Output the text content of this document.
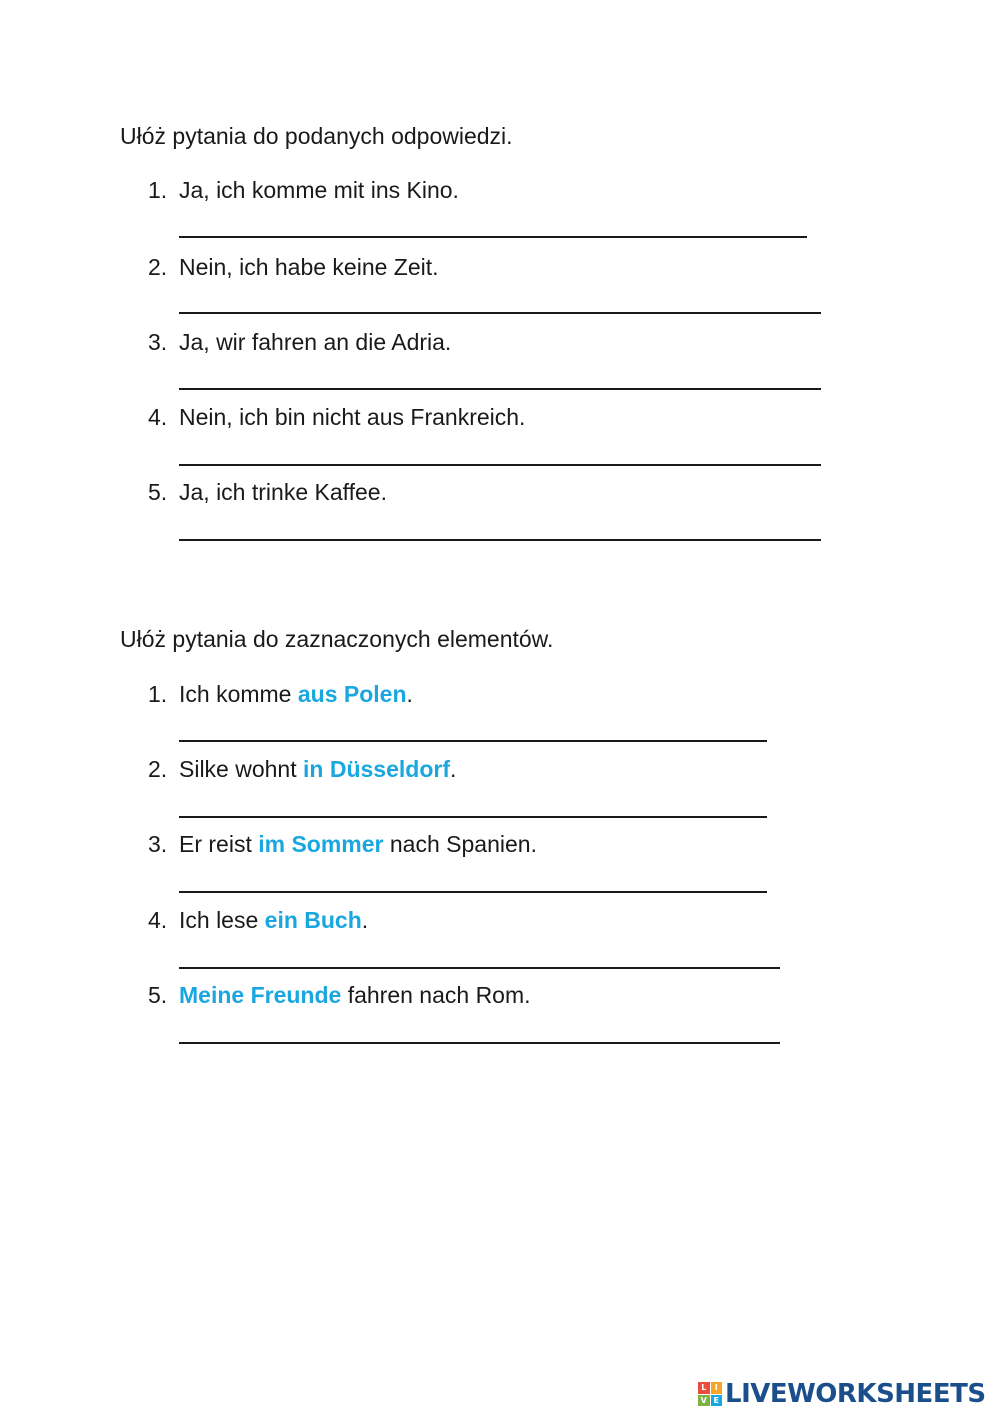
Ułóż pytania do podanych odpowiedzi.
1. Ja, ich komme mit ins Kino.
2. Nein, ich habe keine Zeit.
3. Ja, wir fahren an die Adria.
4. Nein, ich bin nicht aus Frankreich.
5. Ja, ich trinke Kaffee.
Ułóż pytania do zaznaczonych elementów.
1. Ich komme aus Polen.
2. Silke wohnt in Düsseldorf.
3. Er reist im Sommer nach Spanien.
4. Ich lese ein Buch.
5. Meine Freunde fahren nach Rom.
L	I
V E LIVEWORKSHEETS
